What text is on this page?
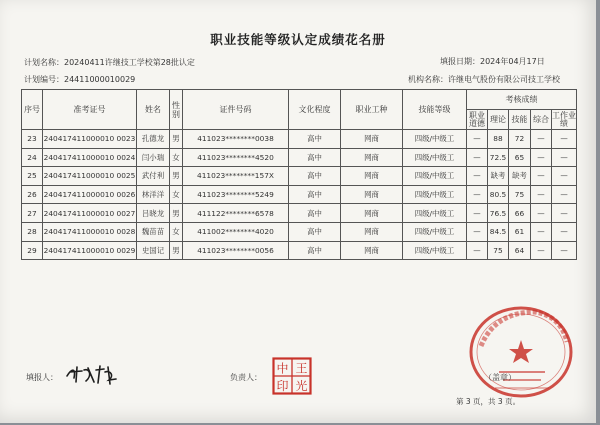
职业技能等级认定成绩花名册
计划名称：20240411许继技工学校第28批认定	填报日期：2024年04月17日
计划编号：24411000010029	机构名称：许继电气股份有限公司技工学校
序号	准考证号	姓名	性别	证件号码	文化程度	职业工种	技能等级	考核成绩				
								职业道德	理论	技能	综合	工作业绩
23	240417411000010 0023	孔德龙	男	411023********0038	高中	网商	四级/中级工	—	88	72	—	—
24	240417411000010 0024	闫小瑞	女	411023********4520	高中	网商	四级/中级工	—	72.5	65	—	—
25	240417411000010 0025	武付利	男	411023********157X	高中	网商	四级/中级工	—	缺考	缺考	—	—
26	240417411000010 0026	林洋洋	女	411023********5249	高中	网商	四级/中级工	—	80.5	75	—	—
27	240417411000010 0027	吕晓龙	男	411122********6578	高中	网商	四级/中级工	—	76.5	66	—	—
28	240417411000010 0028	魏苗苗	女	411002********4020	高中	网商	四级/中级工	—	84.5	61	—	—
29	240417411000010 0029	史国记	男	411023********0056	高中	网商	四级/中级工	—	75	64	—	—
填报人：	负责人：
中 王
印 光
（盖章）
第 3 页，共 3 页。
